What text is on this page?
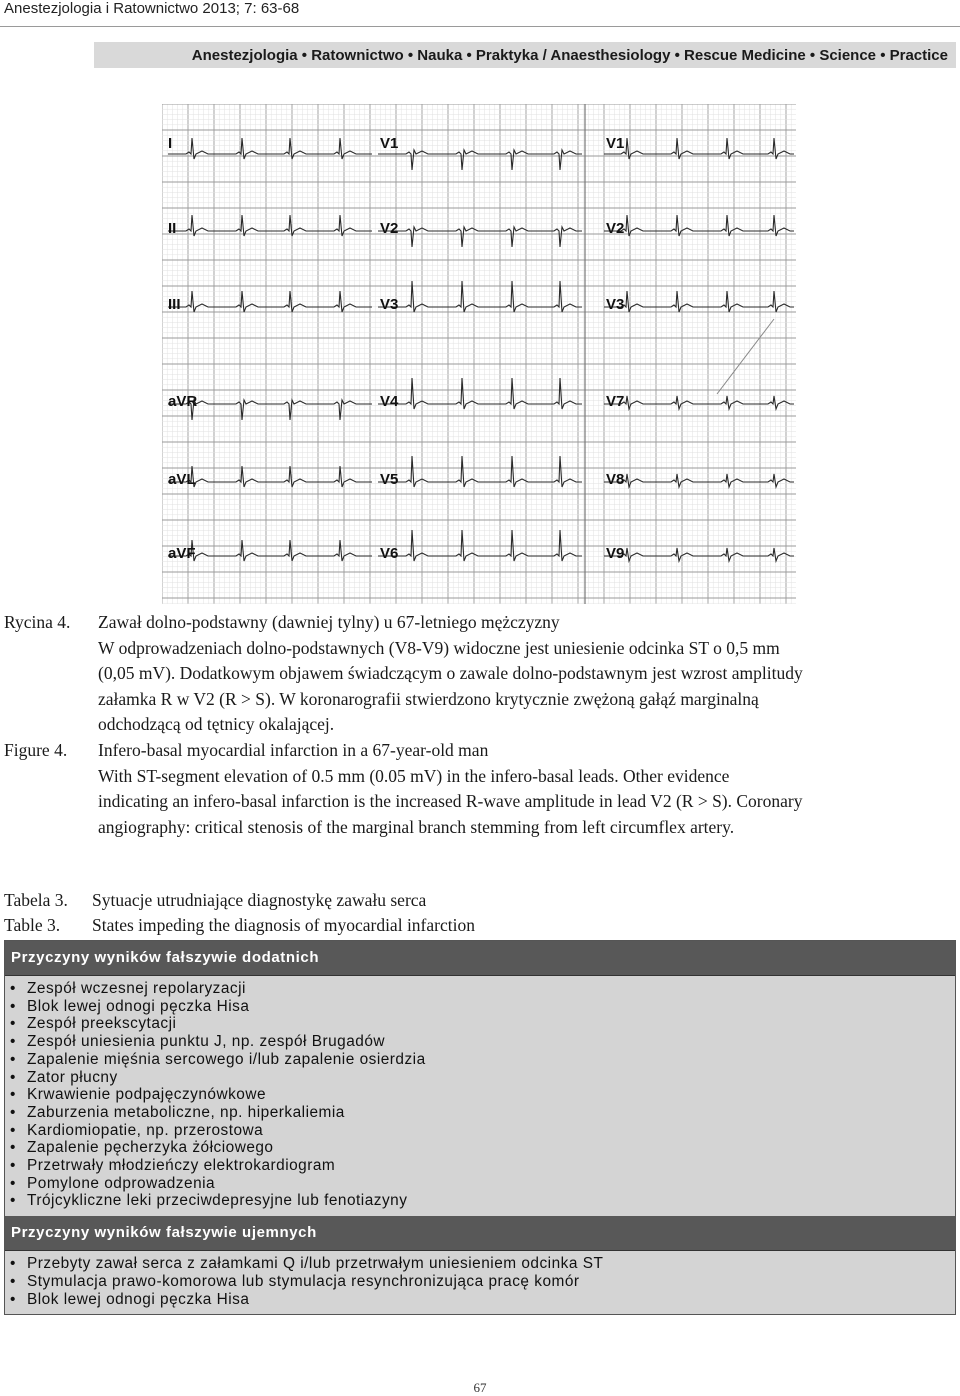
Anestezjologia i Ratownictwo 2013; 7: 63-68
Anestezjologia • Ratownictwo • Nauka • Praktyka / Anaesthesiology • Rescue Medicine • Science • Practice
I	V1	V1
II	V2	V2
III	V3	V3
aVR	V4	V7
aVL	V5	V8
aVF	V6	V9
Rycina 4.	Zawał dolno-podstawny (dawniej tylny) u 67-letniego mężczyzny
W odprowadzeniach dolno-podstawnych (V8-V9) widoczne jest uniesienie odcinka ST o 0,5 mm
(0,05 mV). Dodatkowym objawem świadczącym o zawale dolno-podstawnym jest wzrost amplitudy
załamka R w V2 (R > S). W koronarografii stwierdzono krytycznie zwężoną gałąź marginalną
odchodzącą od tętnicy okalającej.
Figure 4.	Infero-basal myocardial infarction in a 67-year-old man
With ST-segment elevation of 0.5 mm (0.05 mV) in the infero-basal leads. Other evidence
indicating an infero-basal infarction is the increased R-wave amplitude in lead V2 (R > S). Coronary
angiography: critical stenosis of the marginal branch stemming from left circumflex artery.
Tabela 3.	Sytuacje utrudniające diagnostykę zawału serca
Table 3.	States impeding the diagnosis of myocardial infarction
Przyczyny wyników fałszywie dodatnich
• Zespół wczesnej repolaryzacji
• Blok lewej odnogi pęczka Hisa
• Zespół preekscytacji
• Zespół uniesienia punktu J, np. zespół Brugadów
• Zapalenie mięśnia sercowego i/lub zapalenie osierdzia
• Zator płucny
• Krwawienie podpajęczynówkowe
• Zaburzenia metaboliczne, np. hiperkaliemia
• Kardiomiopatie, np. przerostowa
• Zapalenie pęcherzyka żółciowego
• Przetrwały młodzieńczy elektrokardiogram
• Pomylone odprowadzenia
• Trójcykliczne leki przeciwdepresyjne lub fenotiazyny
Przyczyny wyników fałszywie ujemnych
• Przebyty zawał serca z załamkami Q i/lub przetrwałym uniesieniem odcinka ST
• Stymulacja prawo-komorowa lub stymulacja resynchronizująca pracę komór
• Blok lewej odnogi pęczka Hisa
67
